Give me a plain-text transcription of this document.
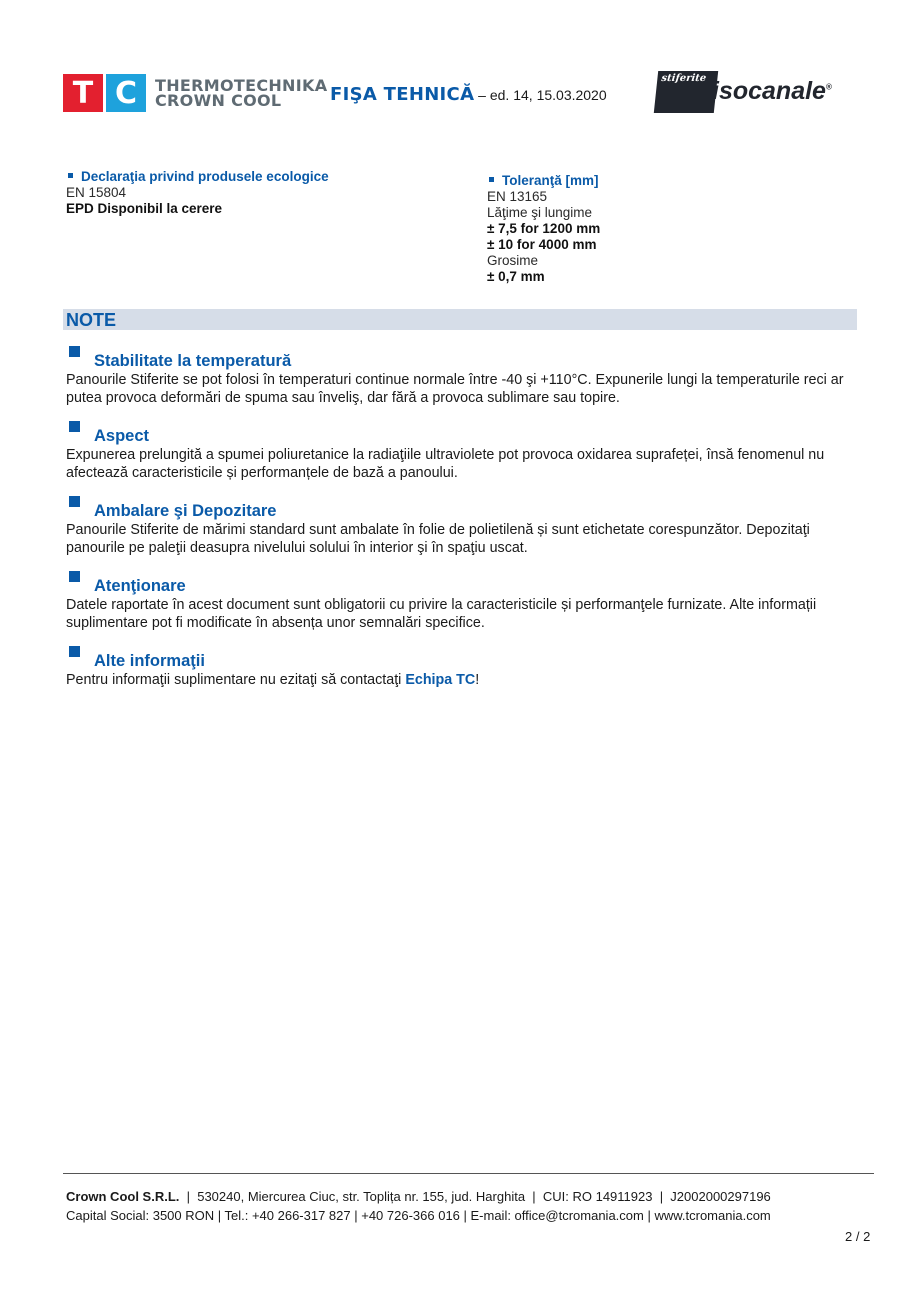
T C	THERMOTECHNIKA
CROWN COOL	FIŞA TEHNICĂ – ed. 14, 15.03.2020
stiferite isocanale®
Declaraţia privind produsele ecologice
EN 15804
EPD Disponibil la cerere
Toleranţă [mm]
EN 13165
Lăţime şi lungime
± 7,5 for 1200 mm
± 10 for 4000 mm
Grosime
± 0,7 mm
NOTE
Stabilitate la temperatură
Panourile Stiferite se pot folosi în temperaturi continue normale între -40 şi +110°C. Expunerile lungi la temperaturile reci ar putea provoca deformări de spuma sau înveliş, dar fără a provoca sublimare sau topire.
Aspect
Expunerea prelungită a spumei poliuretanice la radiaţiile ultraviolete pot provoca oxidarea suprafeței, însă fenomenul nu afectează caracteristicile și performanțele de bază a panoului.
Ambalare şi Depozitare
Panourile Stiferite de mărimi standard sunt ambalate în folie de polietilenă și sunt etichetate corespunzător. Depozitaţi panourile pe paleţii deasupra nivelului solului în interior şi în spaţiu uscat.
Atenţionare
Datele raportate în acest document sunt obligatorii cu privire la caracteristicile și performanţele furnizate. Alte informații suplimentare pot fi modificate în absența unor semnalări specifice.
Alte informaţii
Pentru informaţii suplimentare nu ezitaţi să contactaţi Echipa TC!
Crown Cool S.R.L.  |  530240, Miercurea Ciuc, str. Toplița nr. 155, jud. Harghita  |  CUI: RO 14911923  |  J2002000297196
Capital Social: 3500 RON | Tel.: +40 266-317 827 | +40 726-366 016 | E-mail: office@tcromania.com | www.tcromania.com
2 / 2
